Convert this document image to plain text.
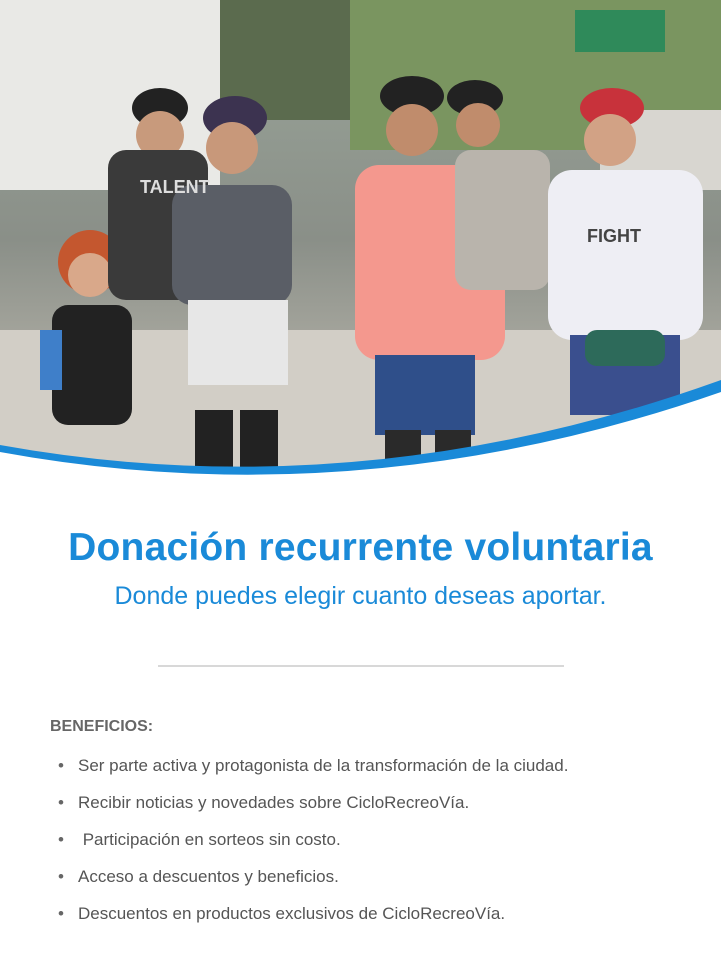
TALENT
FIGHT
Donación recurrente voluntaria
Donde puedes elegir cuanto deseas aportar.
BENEFICIOS:
• Ser parte activa y protagonista de la transformación de la ciudad.
• Recibir noticias y novedades sobre CicloRecreoVía.
• Participación en sorteos sin costo.
• Acceso a descuentos y beneficios.
• Descuentos en productos exclusivos de CicloRecreoVía.
